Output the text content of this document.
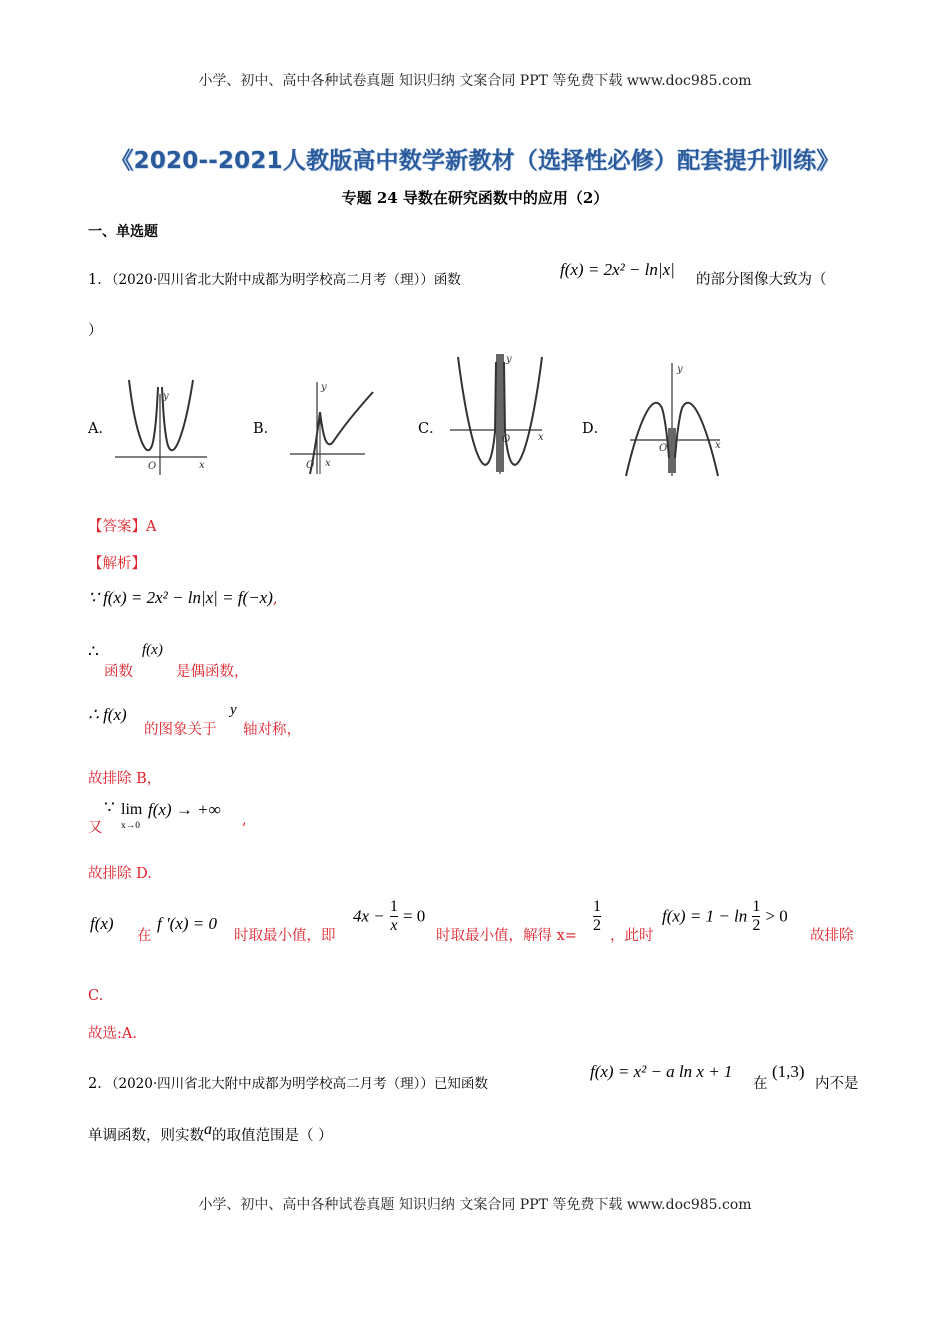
小学、初中、高中各种试卷真题 知识归纳 文案合同 PPT 等免费下载 www.doc985.com
小学、初中、高中各种试卷真题 知识归纳 文案合同 PPT 等免费下载 www.doc985.com
《2020--2021人教版高中数学新教材（选择性必修）配套提升训练》
专题 24 导数在研究函数中的应用（2）
一、单选题
1．（2020·四川省北大附中成都为明学校高二月考（理））函数
f(x) = 2x² − ln|x|
的部分图像大致为（
）
A．	B．	C．	D．
y
x
O
y
x
O
y
x
O
y
x
O
【答案】A
【解析】
∵ f(x) = 2x² − ln|x| = f(−x),
∴
函数
f(x)
是偶函数，
∴ f(x)
的图象关于
y
轴对称，
故排除 B，
又
∵ lim
x→0
f(x) → +∞
,
故排除 D.
f(x)
在
f '(x) = 0
时取最小值，即
$4x - \frac{1}{x} = 0$
时取最小值，解得 x=
$\frac{1}{2}$
，此时
$f(x) = 1 - \ln \frac{1}{2} > 0$
故排除
C.
故选:A.
2．（2020·四川省北大附中成都为明学校高二月考（理））已知函数
f(x) = x² − a ln x + 1
在
(1,3)
内不是
单调函数，则实数a的取值范围是（ ）
